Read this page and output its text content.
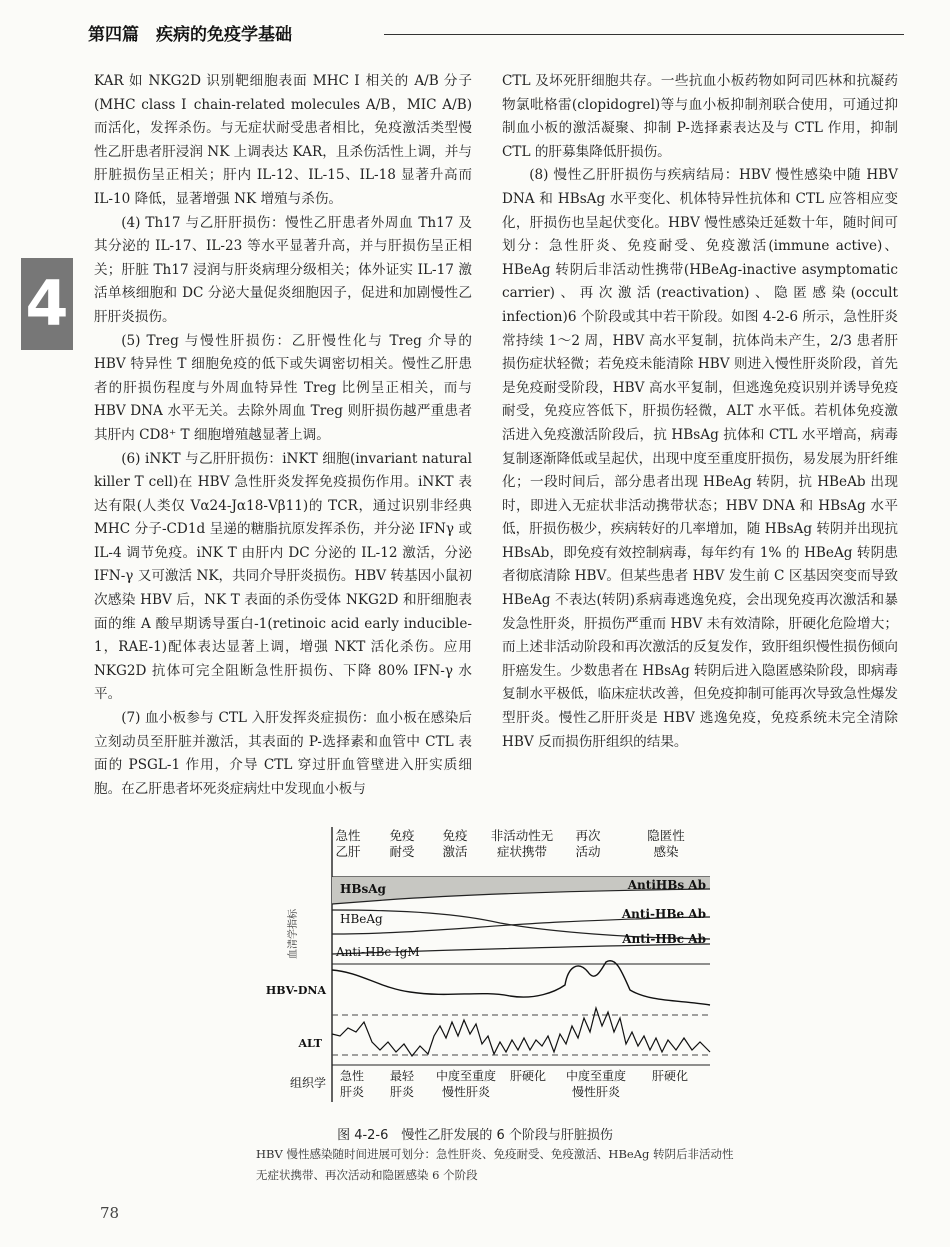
第四篇　疾病的免疫学基础
4

KAR 如 NKG2D 识别靶细胞表面 MHC Ⅰ 相关的 A/B 分子(MHC class Ⅰ chain-related molecules A/B，MIC A/B)而活化，发挥杀伤。与无症状耐受患者相比，免疫激活类型慢性乙肝患者肝浸润 NK 上调表达 KAR，且杀伤活性上调，并与肝脏损伤呈正相关；肝内 IL-12、IL-15、IL-18 显著升高而 IL-10 降低，显著增强 NK 增殖与杀伤。

(4) Th17 与乙肝肝损伤：慢性乙肝患者外周血 Th17 及其分泌的 IL-17、IL-23 等水平显著升高，并与肝损伤呈正相关；肝脏 Th17 浸润与肝炎病理分级相关；体外证实 IL-17 激活单核细胞和 DC 分泌大量促炎细胞因子，促进和加剧慢性乙肝肝炎损伤。

(5) Treg 与慢性肝损伤：乙肝慢性化与 Treg 介导的 HBV 特异性 T 细胞免疫的低下或失调密切相关。慢性乙肝患者的肝损伤程度与外周血特异性 Treg 比例呈正相关，而与 HBV DNA 水平无关。去除外周血 Treg 则肝损伤越严重患者其肝内 CD8⁺ T 细胞增殖越显著上调。

(6) iNKT 与乙肝肝损伤：iNKT 细胞(invariant natural killer T cell)在 HBV 急性肝炎发挥免疫损伤作用。iNKT 表达有限(人类仅 Vα24-Jα18-Vβ11)的 TCR，通过识别非经典 MHC 分子-CD1d 呈递的糖脂抗原发挥杀伤，并分泌 IFNγ 或 IL-4 调节免疫。iNK T 由肝内 DC 分泌的 IL-12 激活，分泌 IFN-γ 又可激活 NK，共同介导肝炎损伤。HBV 转基因小鼠初次感染 HBV 后，NK T 表面的杀伤受体 NKG2D 和肝细胞表面的维 A 酸早期诱导蛋白-1(retinoic acid early inducible-1，RAE-1)配体表达显著上调，增强 NKT 活化杀伤。应用 NKG2D 抗体可完全阻断急性肝损伤、下降 80% IFN-γ 水平。

(7) 血小板参与 CTL 入肝发挥炎症损伤：血小板在感染后立刻动员至肝脏并激活，其表面的 P-选择素和血管中 CTL 表面的 PSGL-1 作用，介导 CTL 穿过肝血管壁进入肝实质细胞。在乙肝患者坏死炎症病灶中发现血小板与

CTL 及坏死肝细胞共存。一些抗血小板药物如阿司匹林和抗凝药物氯吡格雷(clopidogrel)等与血小板抑制剂联合使用，可通过抑制血小板的激活凝聚、抑制 P-选择素表达及与 CTL 作用，抑制 CTL 的肝募集降低肝损伤。

(8) 慢性乙肝肝损伤与疾病结局：HBV 慢性感染中随 HBV DNA 和 HBsAg 水平变化、机体特异性抗体和 CTL 应答相应变化，肝损伤也呈起伏变化。HBV 慢性感染迁延数十年，随时间可划分：急性肝炎、免疫耐受、免疫激活(immune active)、HBeAg 转阴后非活动性携带(HBeAg-inactive asymptomatic carrier)、再次激活(reactivation)、隐匿感染(occult infection)6 个阶段或其中若干阶段。如图 4-2-6 所示，急性肝炎常持续 1～2 周，HBV 高水平复制，抗体尚未产生，2/3 患者肝损伤症状轻微；若免疫未能清除 HBV 则进入慢性肝炎阶段，首先是免疫耐受阶段，HBV 高水平复制，但逃逸免疫识别并诱导免疫耐受，免疫应答低下，肝损伤轻微，ALT 水平低。若机体免疫激活进入免疫激活阶段后，抗 HBsAg 抗体和 CTL 水平增高，病毒复制逐渐降低或呈起伏，出现中度至重度肝损伤，易发展为肝纤维化；一段时间后，部分患者出现 HBeAg 转阴，抗 HBeAb 出现时，即进入无症状非活动携带状态；HBV DNA 和 HBsAg 水平低，肝损伤极少，疾病转好的几率增加，随 HBsAg 转阴并出现抗 HBsAb，即免疫有效控制病毒，每年约有 1% 的 HBeAg 转阴患者彻底清除 HBV。但某些患者 HBV 发生前 C 区基因突变而导致 HBeAg 不表达(转阴)系病毒逃逸免疫，会出现免疫再次激活和暴发急性肝炎，肝损伤严重而 HBV 未有效清除，肝硬化危险增大；而上述非活动阶段和再次激活的反复发作，致肝组织慢性损伤倾向肝癌发生。少数患者在 HBsAg 转阴后进入隐匿感染阶段，即病毒复制水平极低，临床症状改善，但免疫抑制可能再次导致急性爆发型肝炎。慢性乙肝肝炎是 HBV 逃逸免疫，免疫系统未完全清除 HBV 反而损伤肝组织的结果。

急性
乙肝
免疫
耐受
免疫
激活
非活动性无
症状携带
再次
活动
隐匿性
感染
血清学指标
HBsAg
HBeAg
Anti-HBc IgM
AntiHBs Ab
Anti-HBe Ab
Anti-HBc Ab
HBV-DNA
ALT
组织学 急性
肝炎
最轻
肝炎
中度至重度
慢性肝炎
肝硬化 中度至重度
慢性肝炎
肝硬化
图 4-2-6　慢性乙肝发展的 6 个阶段与肝脏损伤
HBV 慢性感染随时间进展可划分：急性肝炎、免疫耐受、免疫激活、HBeAg 转阴后非活动性无症状携带、再次活动和隐匿感染 6 个阶段
78
